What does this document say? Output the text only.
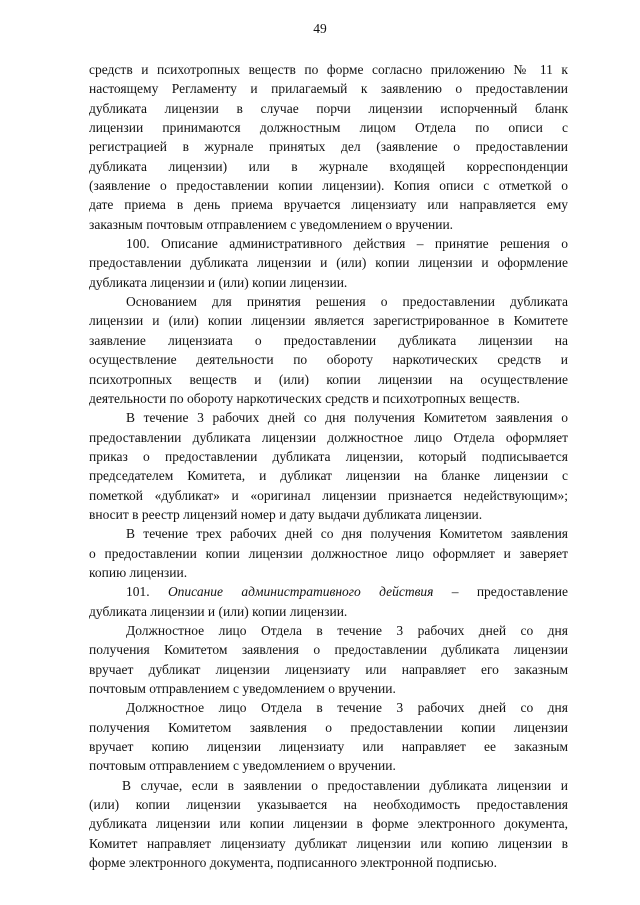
49

средств и психотропных веществ по форме согласно приложению № 11 к
настоящему Регламенту и прилагаемый к заявлению о предоставлении
дубликата лицензии в случае порчи лицензии испорченный бланк
лицензии принимаются должностным лицом Отдела по описи с
регистрацией в журнале принятых дел (заявление о предоставлении
дубликата лицензии) или в журнале входящей корреспонденции
(заявление о предоставлении копии лицензии). Копия описи с отметкой о
дате приема в день приема вручается лицензиату или направляется ему
заказным почтовым отправлением с уведомлением о вручении.

100. Описание административного действия – принятие решения о
предоставлении дубликата лицензии и (или) копии лицензии и оформление
дубликата лицензии и (или) копии лицензии.

Основанием для принятия решения о предоставлении дубликата
лицензии и (или) копии лицензии является зарегистрированное в Комитете
заявление лицензиата о предоставлении дубликата лицензии на
осуществление деятельности по обороту наркотических средств и
психотропных веществ и (или) копии лицензии на осуществление
деятельности по обороту наркотических средств и психотропных веществ.

В течение 3 рабочих дней со дня получения Комитетом заявления о
предоставлении дубликата лицензии должностное лицо Отдела оформляет
приказ о предоставлении дубликата лицензии, который подписывается
председателем Комитета, и дубликат лицензии на бланке лицензии с
пометкой «дубликат» и «оригинал лицензии признается недействующим»;
вносит в реестр лицензий номер и дату выдачи дубликата лицензии.

В течение трех рабочих дней со дня получения Комитетом заявления
о предоставлении копии лицензии должностное лицо оформляет и заверяет
копию лицензии.

101. Описание административного действия – предоставление
дубликата лицензии и (или) копии лицензии.

Должностное лицо Отдела в течение 3 рабочих дней со дня
получения Комитетом заявления о предоставлении дубликата лицензии
вручает дубликат лицензии лицензиату или направляет его заказным
почтовым отправлением с уведомлением о вручении.

Должностное лицо Отдела в течение 3 рабочих дней со дня
получения Комитетом заявления о предоставлении копии лицензии
вручает копию лицензии лицензиату или направляет ее заказным
почтовым отправлением с уведомлением о вручении.

В случае, если в заявлении о предоставлении дубликата лицензии и
(или) копии лицензии указывается на необходимость предоставления
дубликата лицензии или копии лицензии в форме электронного документа,
Комитет направляет лицензиату дубликат лицензии или копию лицензии в
форме электронного документа, подписанного электронной подписью.
